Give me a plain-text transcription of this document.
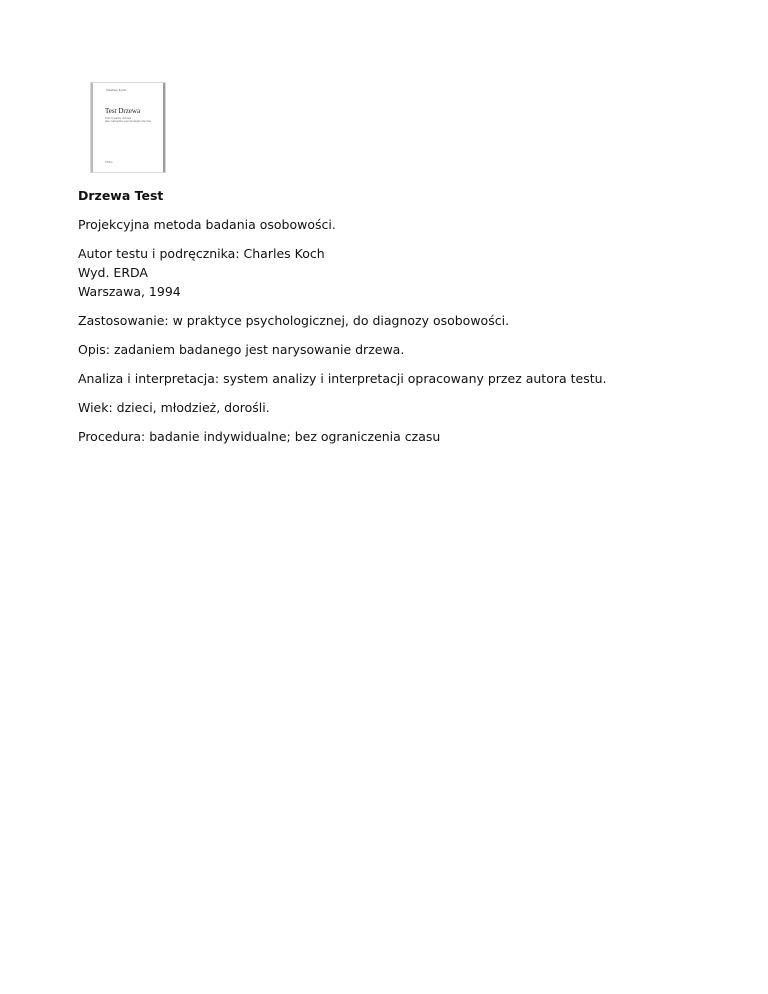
Charles Koch
Test Drzewa
Test rysunku drzewa
jako narzędzie psychodiagnostyczne
ERDA

Drzewa Test

Projekcyjna metoda badania osobowości.

Autor testu i podręcznika: Charles Koch
Wyd. ERDA
Warszawa, 1994

Zastosowanie: w praktyce psychologicznej, do diagnozy osobowości.

Opis: zadaniem badanego jest narysowanie drzewa.

Analiza i interpretacja: system analizy i interpretacji opracowany przez autora testu.

Wiek: dzieci, młodzież, dorośli.

Procedura: badanie indywidualne; bez ograniczenia czasu
